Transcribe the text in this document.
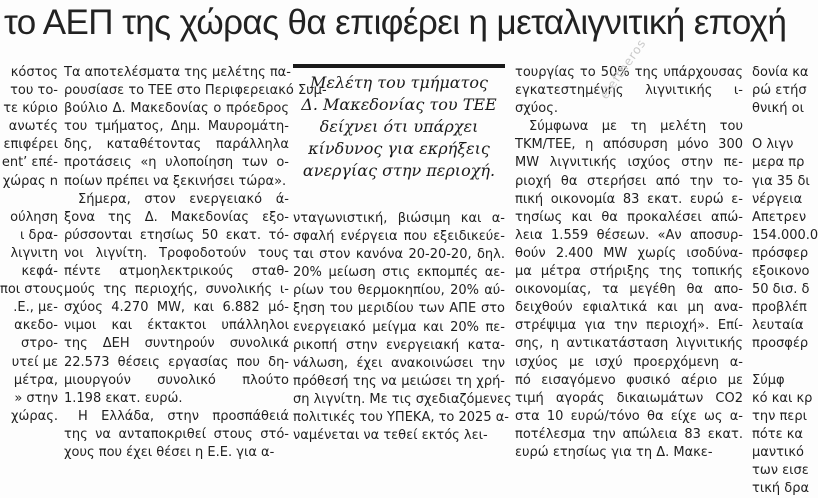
το ΑΕΠ της χώρας θα επιφέρει η μεταλιγνιτική εποχή
κόστος
του το-
τε κύριο
ανωτές
επιφέρει
ent’ επέ-
χώρας n

ούληση
ι δρα-
λιγνιτη
κεφά-
ποι στους
.Ε., με-
ακεδο-
στρο-
υτεί με
μέτρα,
» στην
χώρας.
Τα αποτελέσματα της μελέτης πα-
ρουσίασε το TEE στο Περιφερειακό Συμ-
βούλιο Δ. Μακεδονίας ο πρόεδρος
του τμήματος, Δημ. Μαυρομάτη-
δης, καταθέτοντας παράλληλα
προτάσεις «η υλοποίηση των ο-
ποίων πρέπει να ξεκινήσει τώρα».
Σήμερα, στον ενεργειακό ά-
ξονα της Δ. Μακεδονίας εξο-
ρύσσονται ετησίως 50 εκατ. τό-
νοι λιγνίτη. Τροφοδοτούν τους
πέντε ατμοηλεκτρικούς σταθ-
μούς της περιοχής, συνολικής ι-
σχύος 4.270 MW, και 6.882 μό-
νιμοι και έκτακτοι υπάλληλοι
της ΔΕΗ συντηρούν συνολικά
22.573 θέσεις εργασίας που δη-
μιουργούν συνολικό πλούτο
1.198 εκατ. ευρώ.
Η Ελλάδα, στην προσπάθειά
της να ανταποκριθεί στους στό-
χους που έχει θέσει η Ε.Ε. για α-
Μελέτη του τμήματος
Δ. Μακεδονίας του TEE
δείχνει ότι υπάρχει
κίνδυνος για εκρήξεις
ανεργίας στην περιοχή.
νταγωνιστική, βιώσιμη και α-
σφαλή ενέργεια που εξειδικεύε-
ται στον κανόνα 20-20-20, δηλ.
20% μείωση στις εκπομπές αε-
ρίων του θερμοκηπίου, 20% αύ-
ξηση του μεριδίου των ΑΠΕ στο
ενεργειακό μείγμα και 20% πε-
ρικοπή στην ενεργειακή κατα-
νάλωση, έχει ανακοινώσει την
πρόθεσή της να μειώσει τη χρή-
ση λιγνίτη. Με τις σχεδιαζόμενες
πολιτικές του ΥΠΕΚΑ, το 2025 α-
ναμένεται να τεθεί εκτός λει-
τουργίας το 50% της υπάρχουσας
εγκατεστημένης λιγνιτικής ι-
σχύος.
Σύμφωνα με τη μελέτη του
ΤΚΜ/ΤΕΕ, η απόσυρση μόνο 300
MW λιγνιτικής ισχύος στην πε-
ριοχή θα στερήσει από την το-
πική οικονομία 83 εκατ. ευρώ ε-
τησίως και θα προκαλέσει απώ-
λεια 1.559 θέσεων. «Αν αποσυρ-
θούν 2.400 MW χωρίς ισοδύνα-
μα μέτρα στήριξης της τοπικής
οικονομίας, τα μεγέθη θα απο-
δειχθούν εφιαλτικά και μη ανα-
στρέψιμα για την περιοχή». Επί-
σης, η αντικατάσταση λιγνιτικής
ισχύος με ισχύ προερχόμενη α-
πό εισαγόμενο φυσικό αέριο με
τιμή αγοράς δικαιωμάτων CO2
στα 10 ευρώ/τόνο θα είχε ως α-
ποτέλεσμα την απώλεια 83 εκατ.
ευρώ ετησίως για τη Δ. Μακε-
δονία κα
ρώ ετήσ
θνική οι

Ο λιγν
μερα πρ
για 35 δι
νέργεια
Απετρεν
154.000.0
πρόσφερ
εξοικονο
50 δισ. δ
προβλέπ
λευταία
προσφέρ

Σύμφ
κό και κρ
την περι
πότε κα
μαντικό
των εισε
τική δρα
eleftheros
